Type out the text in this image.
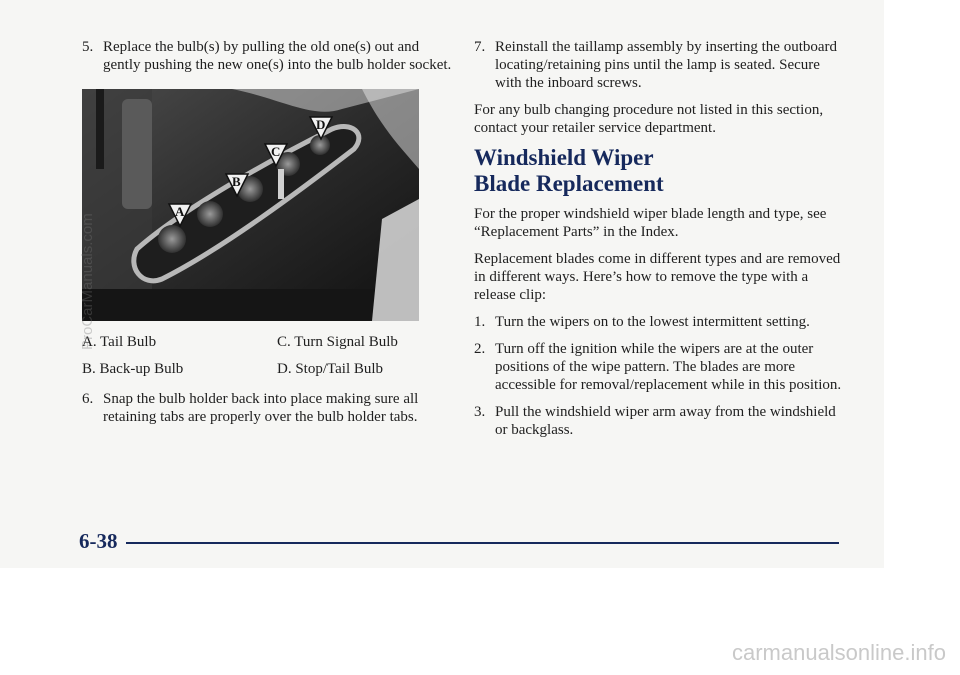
5. Replace the bulb(s) by pulling the old one(s) out and gently pushing the new one(s) into the bulb holder socket.

A
B
C
D
A. Tail Bulb	C. Turn Signal Bulb
B. Back-up Bulb	D. Stop/Tail Bulb

6. Snap the bulb holder back into place making sure all retaining tabs are properly over the bulb holder tabs.

7. Reinstall the taillamp assembly by inserting the outboard locating/retaining pins until the lamp is seated. Secure with the inboard screws.

For any bulb changing procedure not listed in this section, contact your retailer service department.

Windshield Wiper
Blade Replacement

For the proper windshield wiper blade length and type, see “Replacement Parts” in the Index.

Replacement blades come in different types and are removed in different ways. Here’s how to remove the type with a release clip:

1. Turn the wipers on to the lowest intermittent setting.

2. Turn off the ignition while the wipers are at the outer positions of the wipe pattern. The blades are more accessible for removal/replacement while in this position.

3. Pull the windshield wiper arm away from the windshield or backglass.

6-38
ProCarManuals.com
carmanualsonline.info
